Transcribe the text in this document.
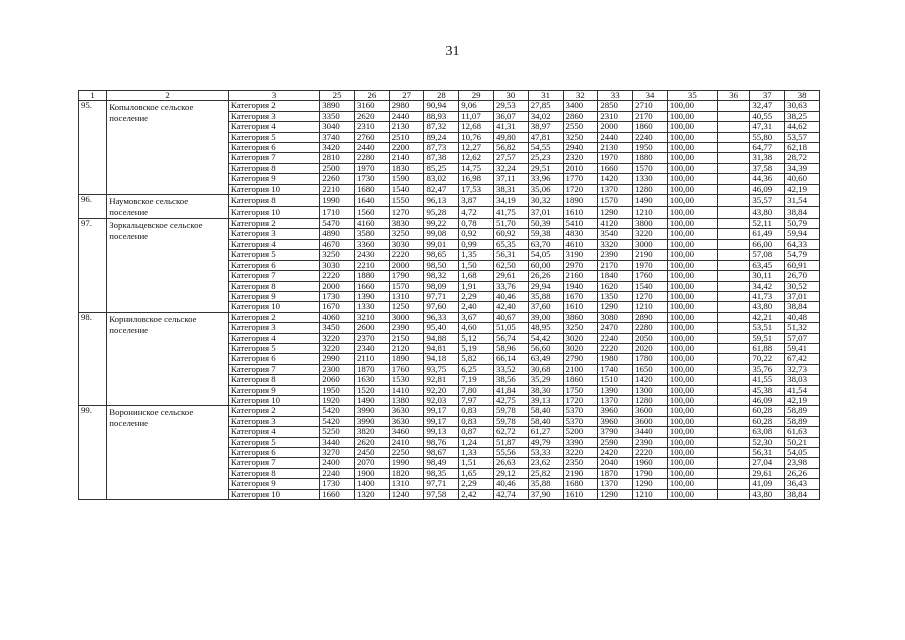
31
1	2	3	25	26	27	28	29	30	31	32	33	34	35	36	37	38
95.	Копыловское сельское поселение	Категория 2	3890	3160	2980	90,94	9,06	29,53	27,85	3400	2850	2710	100,00		32,47	30,63
		Категория 3	3350	2620	2440	88,93	11,07	36,07	34,02	2860	2310	2170	100,00		40,55	38,25
		Категория 4	3040	2310	2130	87,32	12,68	41,31	38,97	2550	2000	1860	100,00		47,31	44,62
		Категория 5	3740	2760	2510	89,24	10,76	49,80	47,81	3250	2440	2240	100,00		55,80	53,57
		Категория 6	3420	2440	2200	87,73	12,27	56,82	54,55	2940	2130	1950	100,00		64,77	62,18
		Категория 7	2810	2280	2140	87,38	12,62	27,57	25,23	2320	1970	1880	100,00		31,38	28,72
		Категория 8	2500	1970	1830	85,25	14,75	32,24	29,51	2010	1660	1570	100,00		37,58	34,39
		Категория 9	2260	1730	1590	83,02	16,98	37,11	33,96	1770	1420	1330	100,00		44,36	40,60
		Категория 10	2210	1680	1540	82,47	17,53	38,31	35,06	1720	1370	1280	100,00		46,09	42,19
96.	Наумовское сельское поселение	Категория 8	1990	1640	1550	96,13	3,87	34,19	30,32	1890	1570	1490	100,00		35,57	31,54
		Категория 10	1710	1560	1270	95,28	4,72	41,75	37,01	1610	1290	1210	100,00		43,80	38,84
97.	Зоркальцевское сельское поселение	Категория 2	5470	4160	3830	99,22	0,78	51,70	50,39	5410	4120	3800	100,00		52,11	50,79
		Категория 3	4890	3580	3250	99,08	0,92	60,92	59,38	4830	3540	3220	100,00		61,49	59,94
		Категория 4	4670	3360	3030	99,01	0,99	65,35	63,70	4610	3320	3000	100,00		66,00	64,33
		Категория 5	3250	2430	2220	98,65	1,35	56,31	54,05	3190	2390	2190	100,00		57,08	54,79
		Категория 6	3030	2210	2000	98,50	1,50	62,50	60,00	2970	2170	1970	100,00		63,45	60,91
		Категория 7	2220	1880	1790	98,32	1,68	29,61	26,26	2160	1840	1760	100,00		30,11	26,70
		Категория 8	2000	1660	1570	98,09	1,91	33,76	29,94	1940	1620	1540	100,00		34,42	30,52
		Категория 9	1730	1390	1310	97,71	2,29	40,46	35,88	1670	1350	1270	100,00		41,73	37,01
		Категория 10	1670	1330	1250	97,60	2,40	42,40	37,60	1610	1290	1210	100,00		43,80	38,84
98.	Корниловское сельское поселение	Категория 2	4060	3210	3000	96,33	3,67	40,67	39,00	3860	3080	2890	100,00		42,21	40,48
		Категория 3	3450	2600	2390	95,40	4,60	51,05	48,95	3250	2470	2280	100,00		53,51	51,32
		Категория 4	3220	2370	2150	94,88	5,12	56,74	54,42	3020	2240	2050	100,00		59,51	57,07
		Категория 5	3220	2340	2120	94,81	5,19	58,96	56,60	3020	2220	2020	100,00		61,88	59,41
		Категория 6	2990	2110	1890	94,18	5,82	66,14	63,49	2790	1980	1780	100,00		70,22	67,42
		Категория 7	2300	1870	1760	93,75	6,25	33,52	30,68	2100	1740	1650	100,00		35,76	32,73
		Категория 8	2060	1630	1530	92,81	7,19	38,56	35,29	1860	1510	1420	100,00		41,55	38,03
		Категория 9	1950	1520	1410	92,20	7,80	41,84	38,30	1750	1390	1300	100,00		45,38	41,54
		Категория 10	1920	1490	1380	92,03	7,97	42,75	39,13	1720	1370	1280	100,00		46,09	42,19
99.	Воронинское сельское поселение	Категория 2	5420	3990	3630	99,17	0,83	59,78	58,40	5370	3960	3600	100,00		60,28	58,89
		Категория 3	5420	3990	3630	99,17	0,83	59,78	58,40	5370	3960	3600	100,00		60,28	58,89
		Категория 4	5250	3820	3460	99,13	0,87	62,72	61,27	5200	3790	3440	100,00		63,08	61,63
		Категория 5	3440	2620	2410	98,76	1,24	51,87	49,79	3390	2590	2390	100,00		52,30	50,21
		Категория 6	3270	2450	2250	98,67	1,33	55,56	53,33	3220	2420	2220	100,00		56,31	54,05
		Категория 7	2400	2070	1990	98,49	1,51	26,63	23,62	2350	2040	1960	100,00		27,04	23,98
		Категория 8	2240	1900	1820	98,35	1,65	29,12	25,82	2190	1870	1790	100,00		29,61	26,26
		Категория 9	1730	1400	1310	97,71	2,29	40,46	35,88	1680	1370	1290	100,00		41,09	36,43
		Категория 10	1660	1320	1240	97,58	2,42	42,74	37,90	1610	1290	1210	100,00		43,80	38,84
